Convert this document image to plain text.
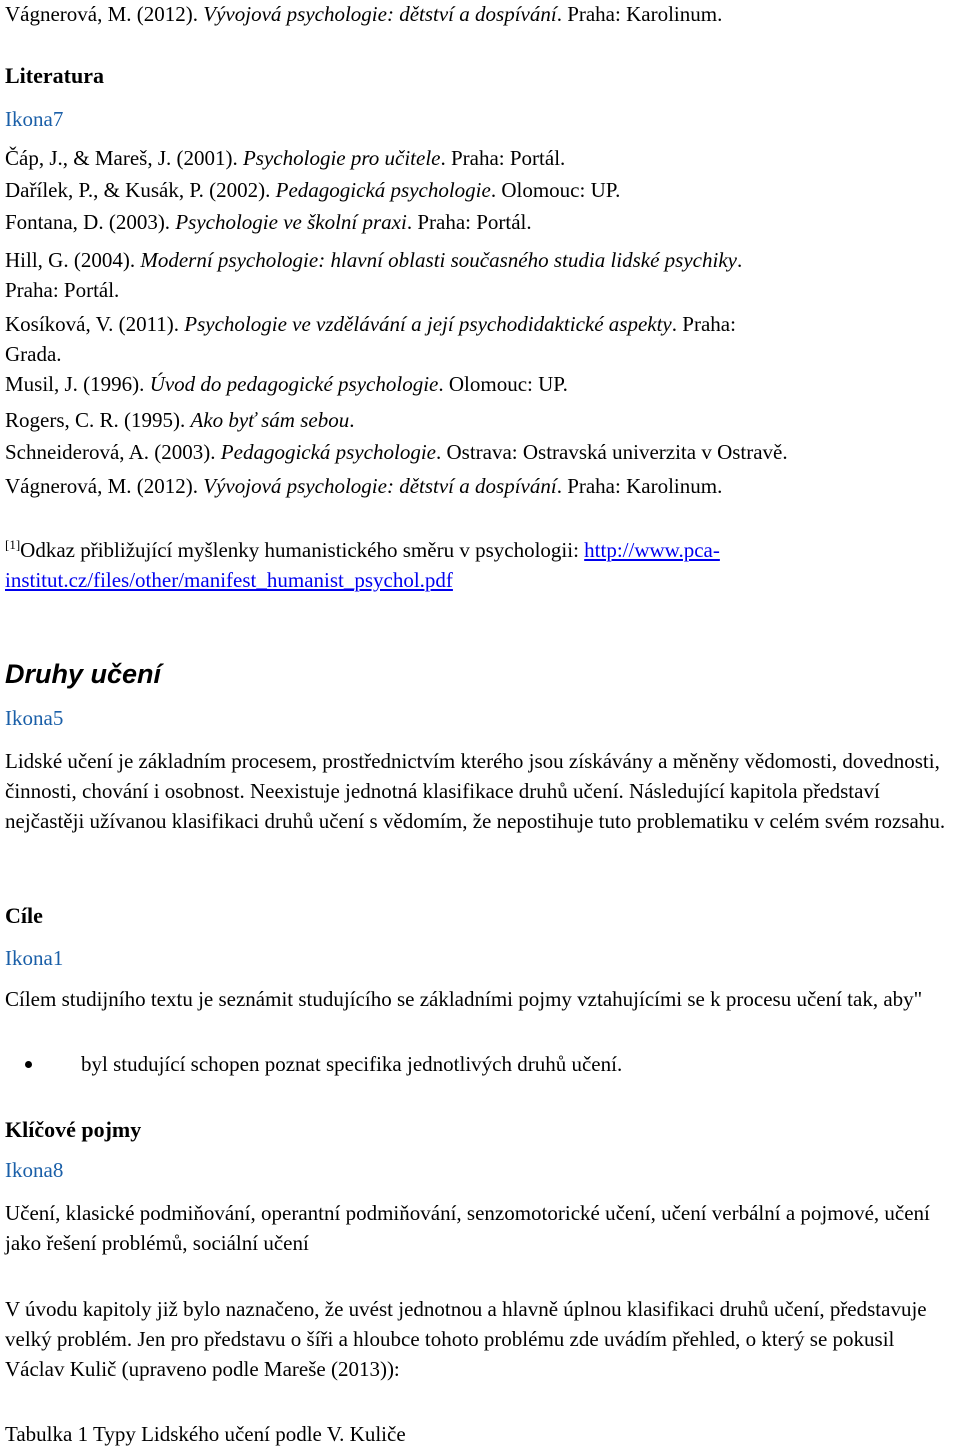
Vágnerová, M. (2012). Vývojová psychologie: dětství a dospívání. Praha: Karolinum.
Literatura
Ikona7
Čáp, J., & Mareš, J. (2001). Psychologie pro učitele. Praha: Portál.
Dařílek, P., & Kusák, P. (2002). Pedagogická psychologie. Olomouc: UP.
Fontana, D. (2003). Psychologie ve školní praxi. Praha: Portál.
Hill, G. (2004). Moderní psychologie: hlavní oblasti současného studia lidské psychiky.
Praha: Portál.
Kosíková, V. (2011). Psychologie ve vzdělávání a její psychodidaktické aspekty. Praha:
Grada.
Musil, J. (1996). Úvod do pedagogické psychologie. Olomouc: UP.
Rogers, C. R. (1995). Ako byť sám sebou.
Schneiderová, A. (2003). Pedagogická psychologie. Ostrava: Ostravská univerzita v Ostravě.
Vágnerová, M. (2012). Vývojová psychologie: dětství a dospívání. Praha: Karolinum.
[1]Odkaz přibližující myšlenky humanistického směru v psychologii: http://www.pca-
institut.cz/files/other/manifest_humanist_psychol.pdf
Druhy učení
Ikona5
Lidské učení je základním procesem, prostřednictvím kterého jsou získávány a měněny vědomosti, dovednosti, činnosti, chování i osobnost. Neexistuje jednotná klasifikace druhů učení. Následující kapitola představí nejčastěji užívanou klasifikaci druhů učení s vědomím, že nepostihuje tuto problematiku v celém svém rozsahu.
Cíle
Ikona1
Cílem studijního textu je seznámit studujícího se základními pojmy vztahujícími se k procesu učení tak, aby"
byl studující schopen poznat specifika jednotlivých druhů učení.
Klíčové pojmy
Ikona8
Učení, klasické podmiňování, operantní podmiňování, senzomotorické učení, učení verbální a pojmové, učení jako řešení problémů, sociální učení
V úvodu kapitoly již bylo naznačeno, že uvést jednotnou a hlavně úplnou klasifikaci druhů učení, představuje velký problém. Jen pro představu o šíři a hloubce tohoto problému zde uvádím přehled, o který se pokusil Václav Kulič (upraveno podle Mareše (2013)):
Tabulka 1 Typy Lidského učení podle V. Kuliče
